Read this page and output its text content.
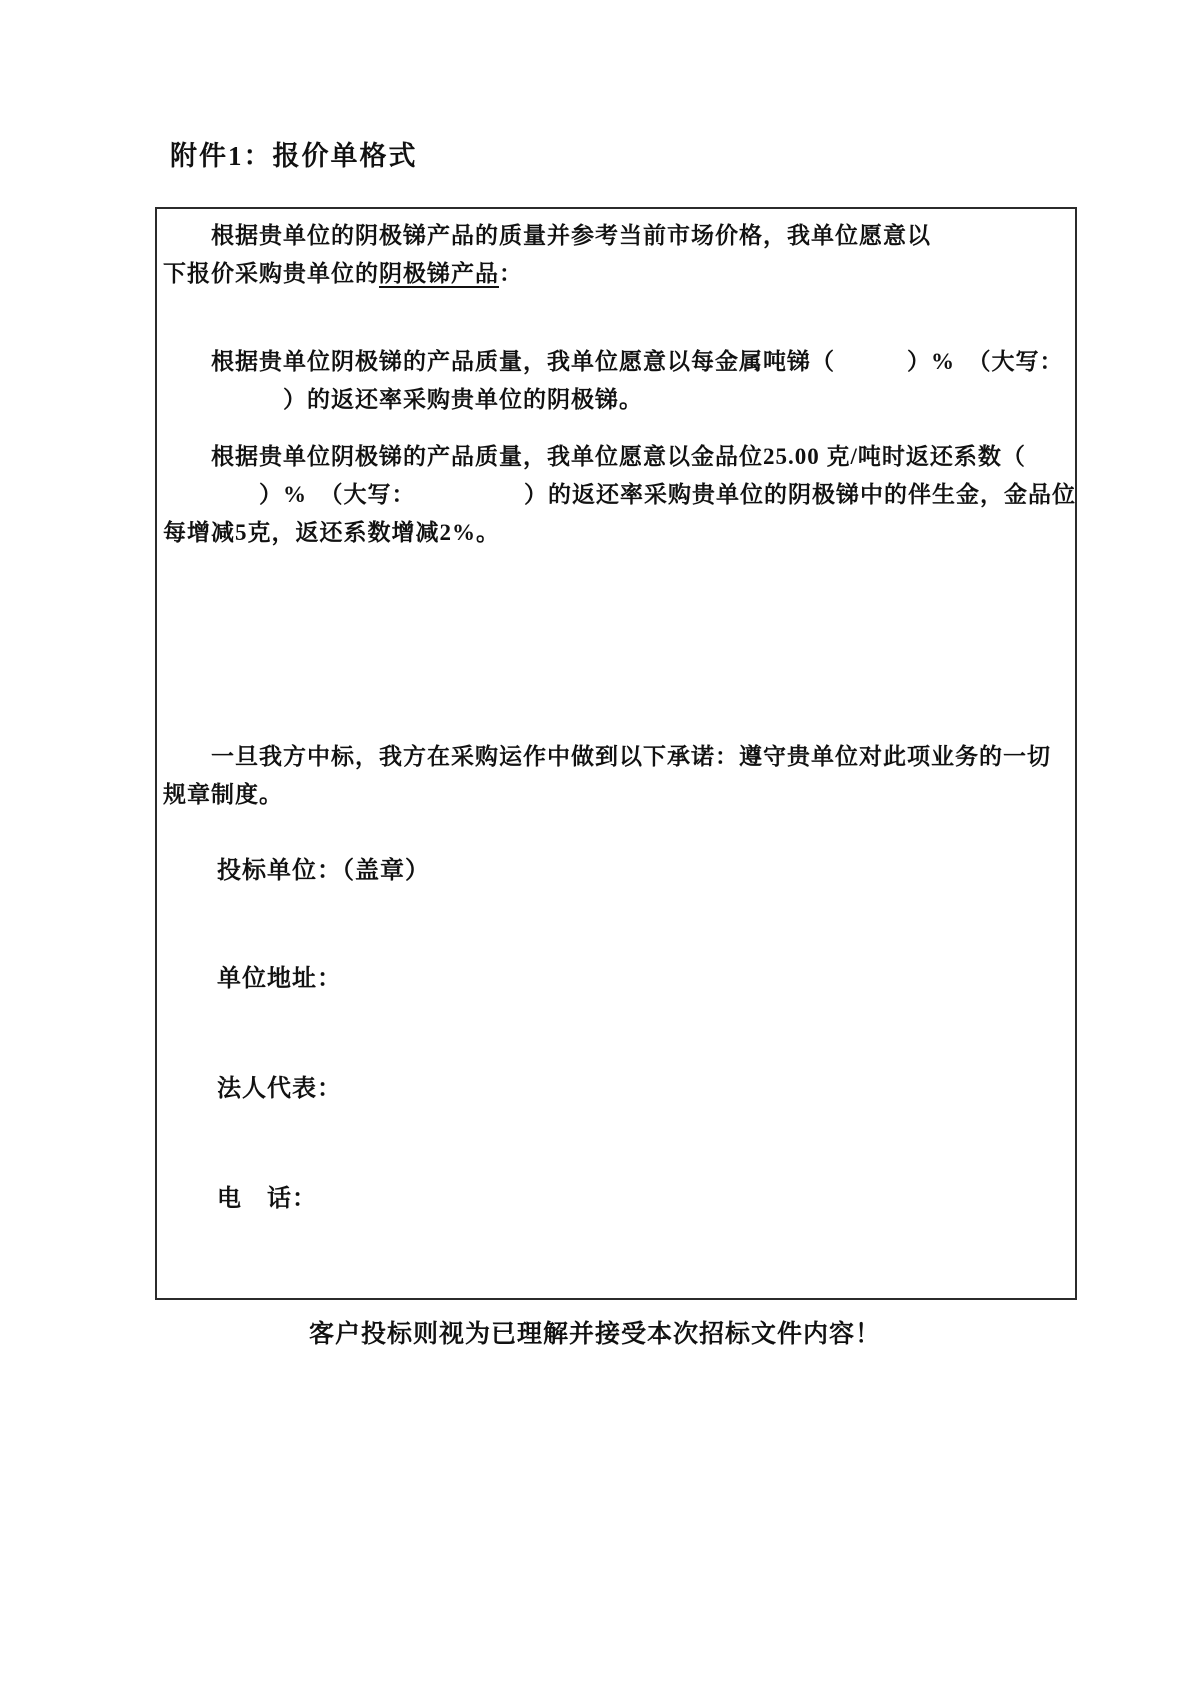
附件1：报价单格式
　　根据贵单位的阴极锑产品的质量并参考当前市场价格，我单位愿意以
下报价采购贵单位的阴极锑产品：
　　根据贵单位阴极锑的产品质量，我单位愿意以每金属吨锑（　　　）%　（大写：
　　　　　）的返还率采购贵单位的阴极锑。
　　根据贵单位阴极锑的产品质量，我单位愿意以金品位25.00 克/吨时返还系数（
　　　　）%　（大写：　　　　　）的返还率采购贵单位的阴极锑中的伴生金，金品位
每增减5克，返还系数增减2%。
　　一旦我方中标，我方在采购运作中做到以下承诺：遵守贵单位对此项业务的一切
规章制度。
投标单位：（盖章）
单位地址：
法人代表：
电　话：

客户投标则视为已理解并接受本次招标文件内容！
